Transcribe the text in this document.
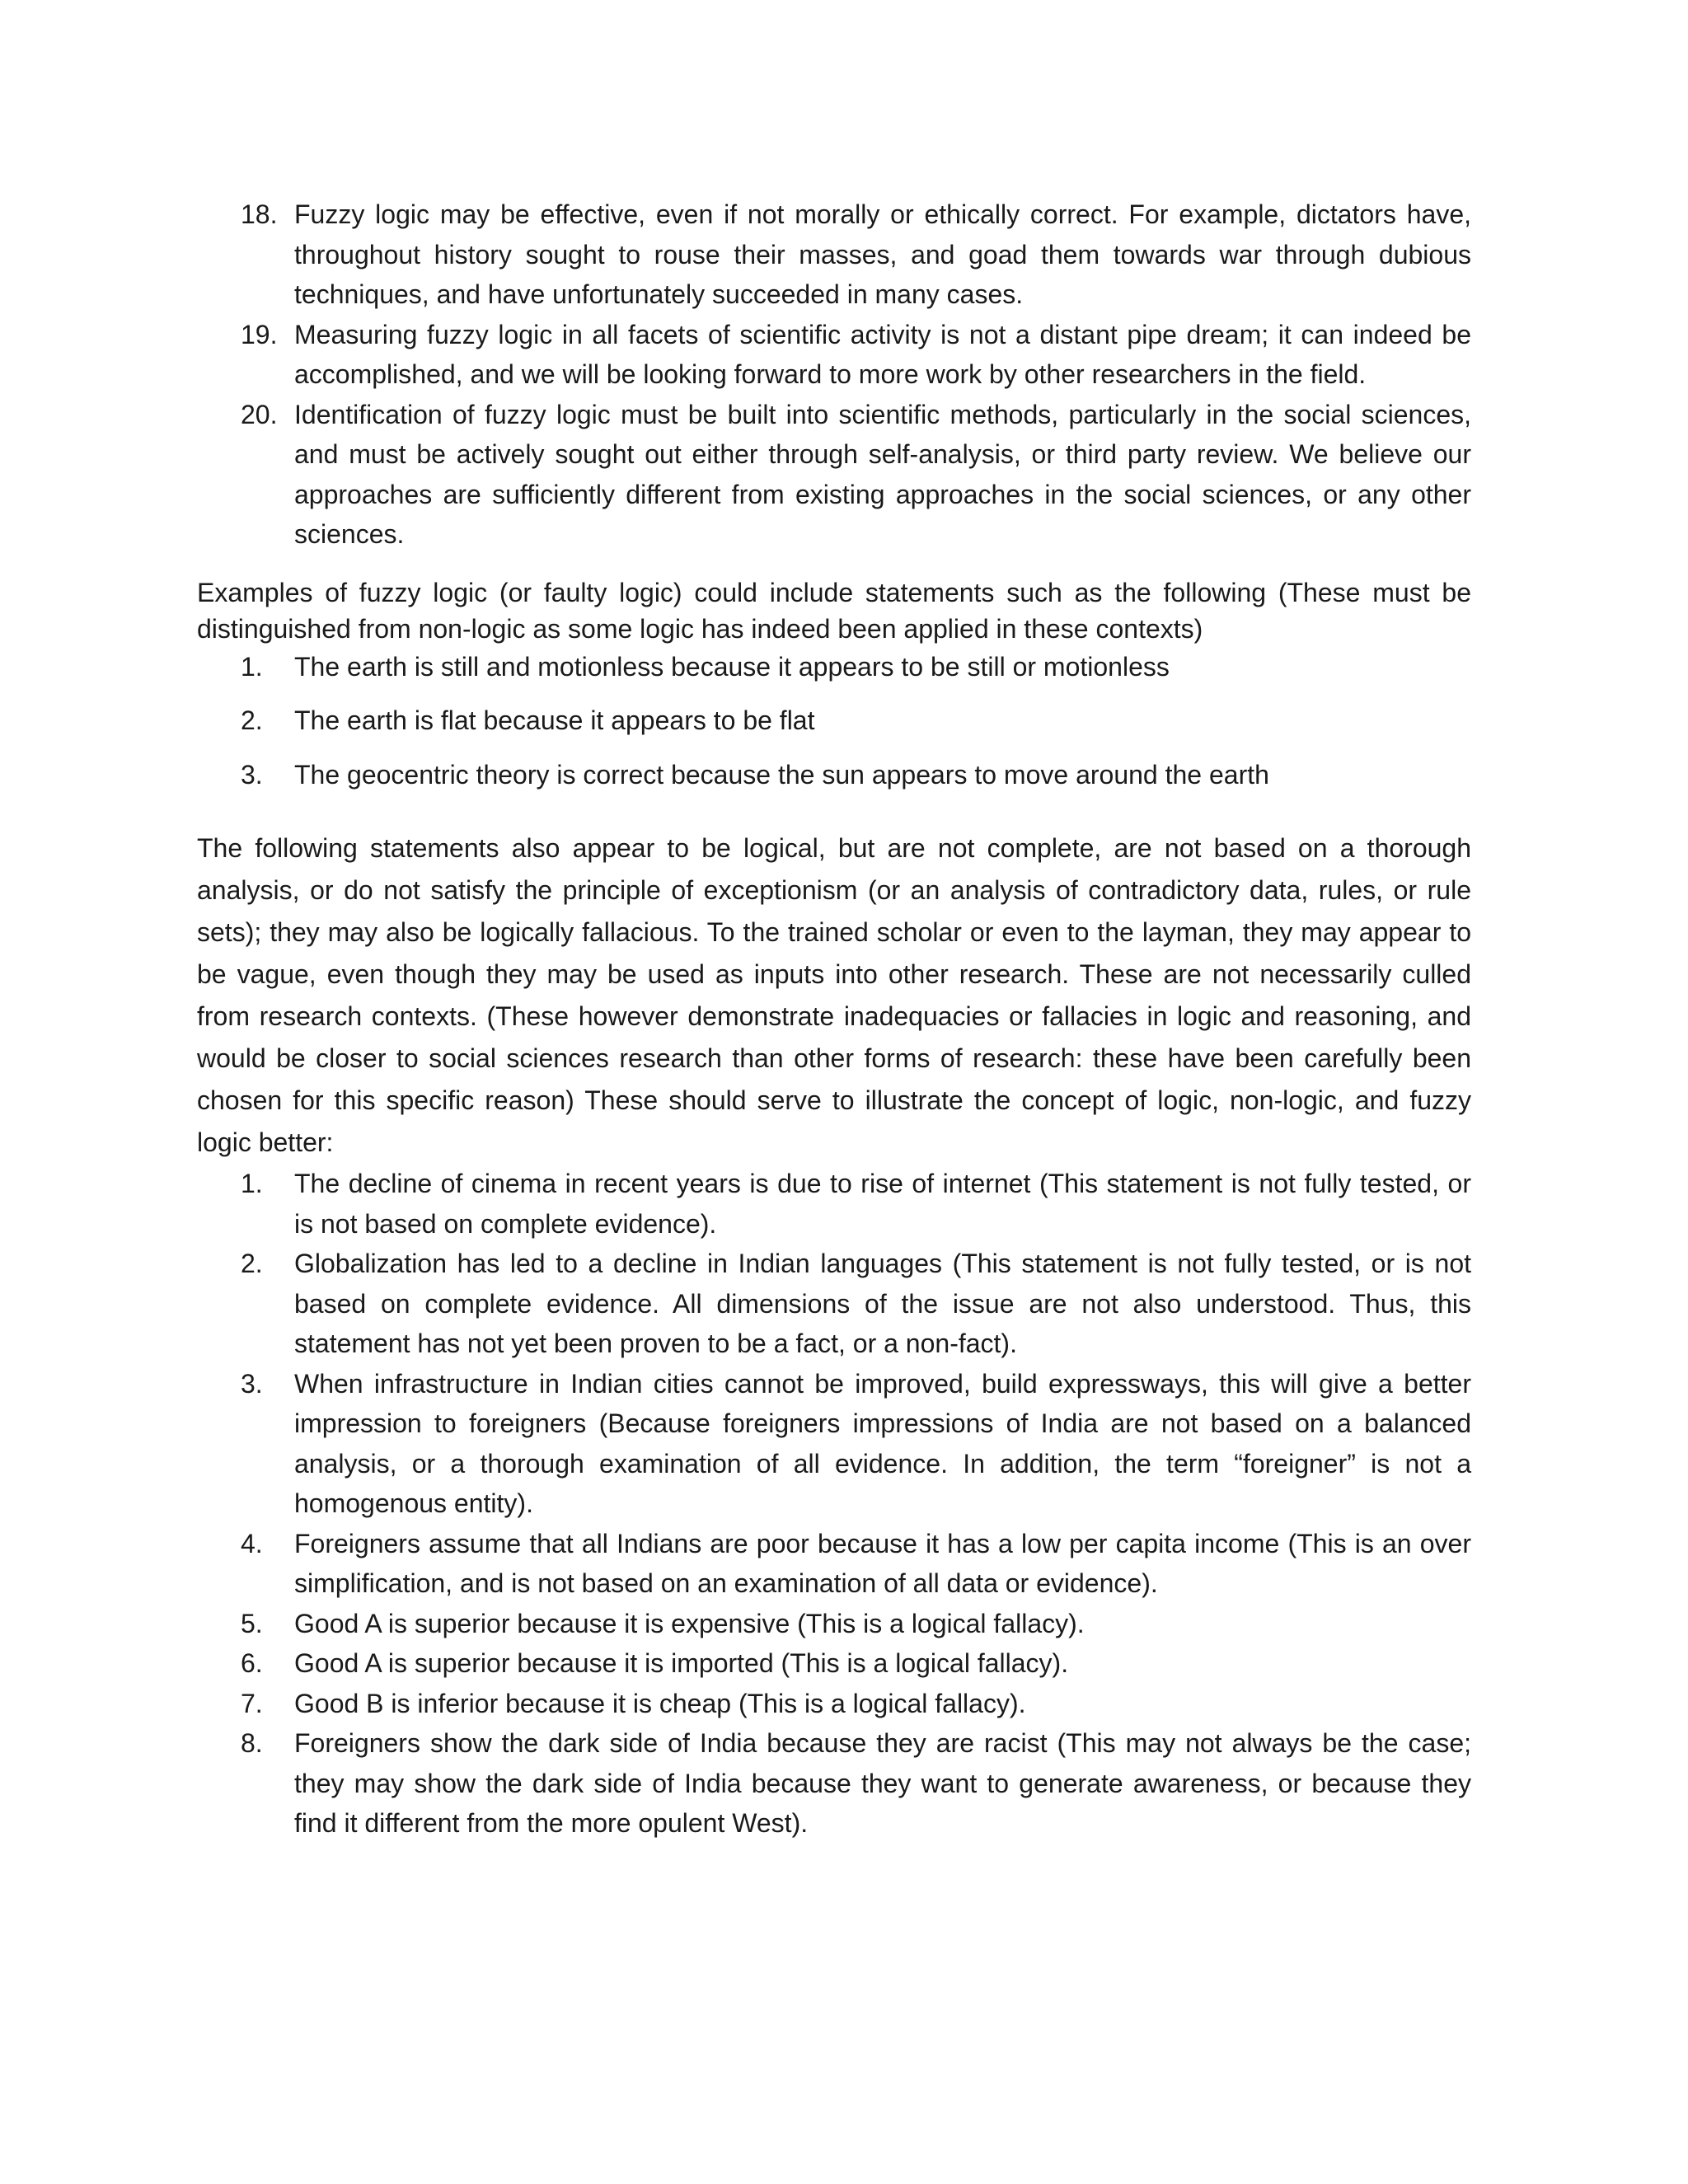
18. Fuzzy logic may be effective, even if not morally or ethically correct. For example, dictators have, throughout history sought to rouse their masses, and goad them towards war through dubious techniques, and have unfortunately succeeded in many cases.
19. Measuring fuzzy logic in all facets of scientific activity is not a distant pipe dream; it can indeed be accomplished, and we will be looking forward to more work by other researchers in the field.
20. Identification of fuzzy logic must be built into scientific methods, particularly in the social sciences, and must be actively sought out either through self-analysis, or third party review. We believe our approaches are sufficiently different from existing approaches in the social sciences, or any other sciences.

Examples of fuzzy logic (or faulty logic) could include statements such as the following (These must be distinguished from non-logic as some logic has indeed been applied in these contexts)

1.	The earth is still and motionless because it appears to be still or motionless
2.	The earth is flat because it appears to be flat
3.	The geocentric theory is correct because the sun appears to move around the earth

The following statements also appear to be logical, but are not complete, are not based on a thorough analysis, or do not satisfy the principle of exceptionism (or an analysis of contradictory data, rules, or rule sets); they may also be logically fallacious. To the trained scholar or even to the layman, they may appear to be vague, even though they may be used as inputs into other research. These are not necessarily culled from research contexts. (These however demonstrate inadequacies or fallacies in logic and reasoning, and would be closer to social sciences research than other forms of research: these have been carefully been chosen for this specific reason) These should serve to illustrate the concept of logic, non-logic, and fuzzy logic better:

1.	The decline of cinema in recent years is due to rise of internet (This statement is not fully tested, or is not based on complete evidence).
2.	Globalization has led to a decline in Indian languages (This statement is not fully tested, or is not based on complete evidence. All dimensions of the issue are not also understood. Thus, this statement has not yet been proven to be a fact, or a non-fact).
3.	When infrastructure in Indian cities cannot be improved, build expressways, this will give a better impression to foreigners (Because foreigners impressions of India are not based on a balanced analysis, or a thorough examination of all evidence. In addition, the term “foreigner” is not a homogenous entity).
4.	Foreigners assume that all Indians are poor because it has a low per capita income (This is an over simplification, and is not based on an examination of all data or evidence).
5.	Good A is superior because it is expensive (This is a logical fallacy).
6.	Good A is superior because it is imported (This is a logical fallacy).
7.	Good B is inferior because it is cheap (This is a logical fallacy).
8.	Foreigners show the dark side of India because they are racist (This may not always be the case; they may show the dark side of India because they want to generate awareness, or because they find it different from the more opulent West).
